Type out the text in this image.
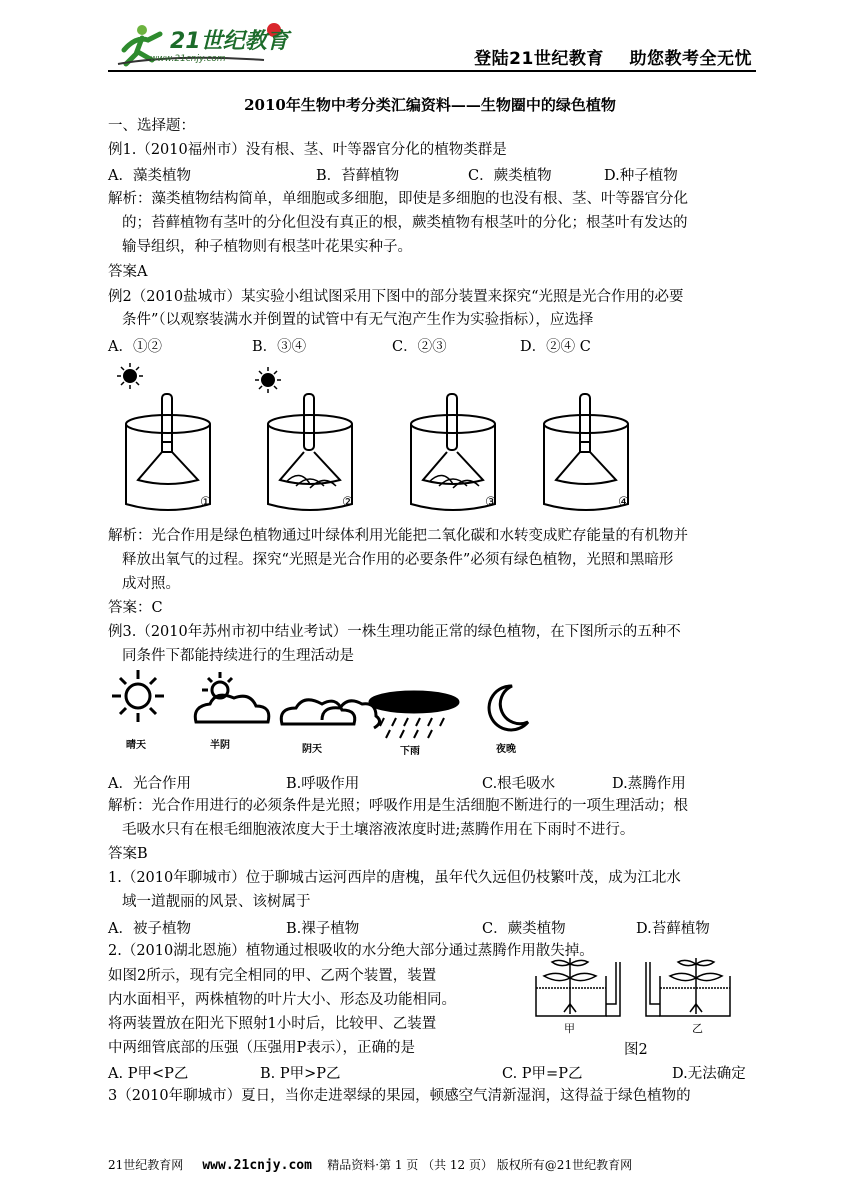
21世纪教育
www.21cnjy.com	登陆21世纪教育    助您教考全无忧
2010年生物中考分类汇编资料——生物圈中的绿色植物
一、选择题：
例1.（2010福州市）没有根、茎、叶等器官分化的植物类群是
A．藻类植物	B．苔藓植物	C．蕨类植物	D.种子植物
解析：藻类植物结构简单，单细胞或多细胞，即使是多细胞的也没有根、茎、叶等器官分化
的；苔藓植物有茎叶的分化但没有真正的根，蕨类植物有根茎叶的分化；根茎叶有发达的
输导组织，种子植物则有根茎叶花果实种子。
答案A
例2（2010盐城市）某实验小组试图采用下图中的部分装置来探究“光照是光合作用的必要
条件”（以观察装满水并倒置的试管中有无气泡产生作为实验指标），应选择
A．①②	B．③④	C．②③	D．②④ C
①	②	③	④
解析：光合作用是绿色植物通过叶绿体利用光能把二氧化碳和水转变成贮存能量的有机物并
释放出氧气的过程。探究“光照是光合作用的必要条件”必须有绿色植物，光照和黑暗形
成对照。
答案：C
例3.（2010年苏州市初中结业考试）一株生理功能正常的绿色植物，在下图所示的五种不
同条件下都能持续进行的生理活动是
晴天	半阴	阴天	下雨	夜晚
A．光合作用	B.呼吸作用	C.根毛吸水	D.蒸腾作用
解析：光合作用进行的必须条件是光照；呼吸作用是生活细胞不断进行的一项生理活动；根
毛吸水只有在根毛细胞液浓度大于土壤溶液浓度时进;蒸腾作用在下雨时不进行。
答案B
1.（2010年聊城市）位于聊城古运河西岸的唐槐，虽年代久远但仍枝繁叶茂，成为江北水
域一道靓丽的风景、该树属于
A．被子植物	B.裸子植物	C．蕨类植物	D.苔藓植物
2.（2010湖北恩施）植物通过根吸收的水分绝大部分通过蒸腾作用散失掉。
如图2所示，现有完全相同的甲、乙两个装置，装置
内水面相平，两株植物的叶片大小、形态及功能相同。
将两装置放在阳光下照射1小时后，比较甲、乙装置
中两细管底部的压强（压强用P表示），正确的是
甲	乙
图2
A. P甲<P乙	B. P甲>P乙	C. P甲=P乙	D.无法确定
3（2010年聊城市）夏日，当你走进翠绿的果园，顿感空气清新湿润，这得益于绿色植物的
21世纪教育网 www.21cnjy.com 精品资料·第 1 页 （共 12 页） 版权所有@21世纪教育网
